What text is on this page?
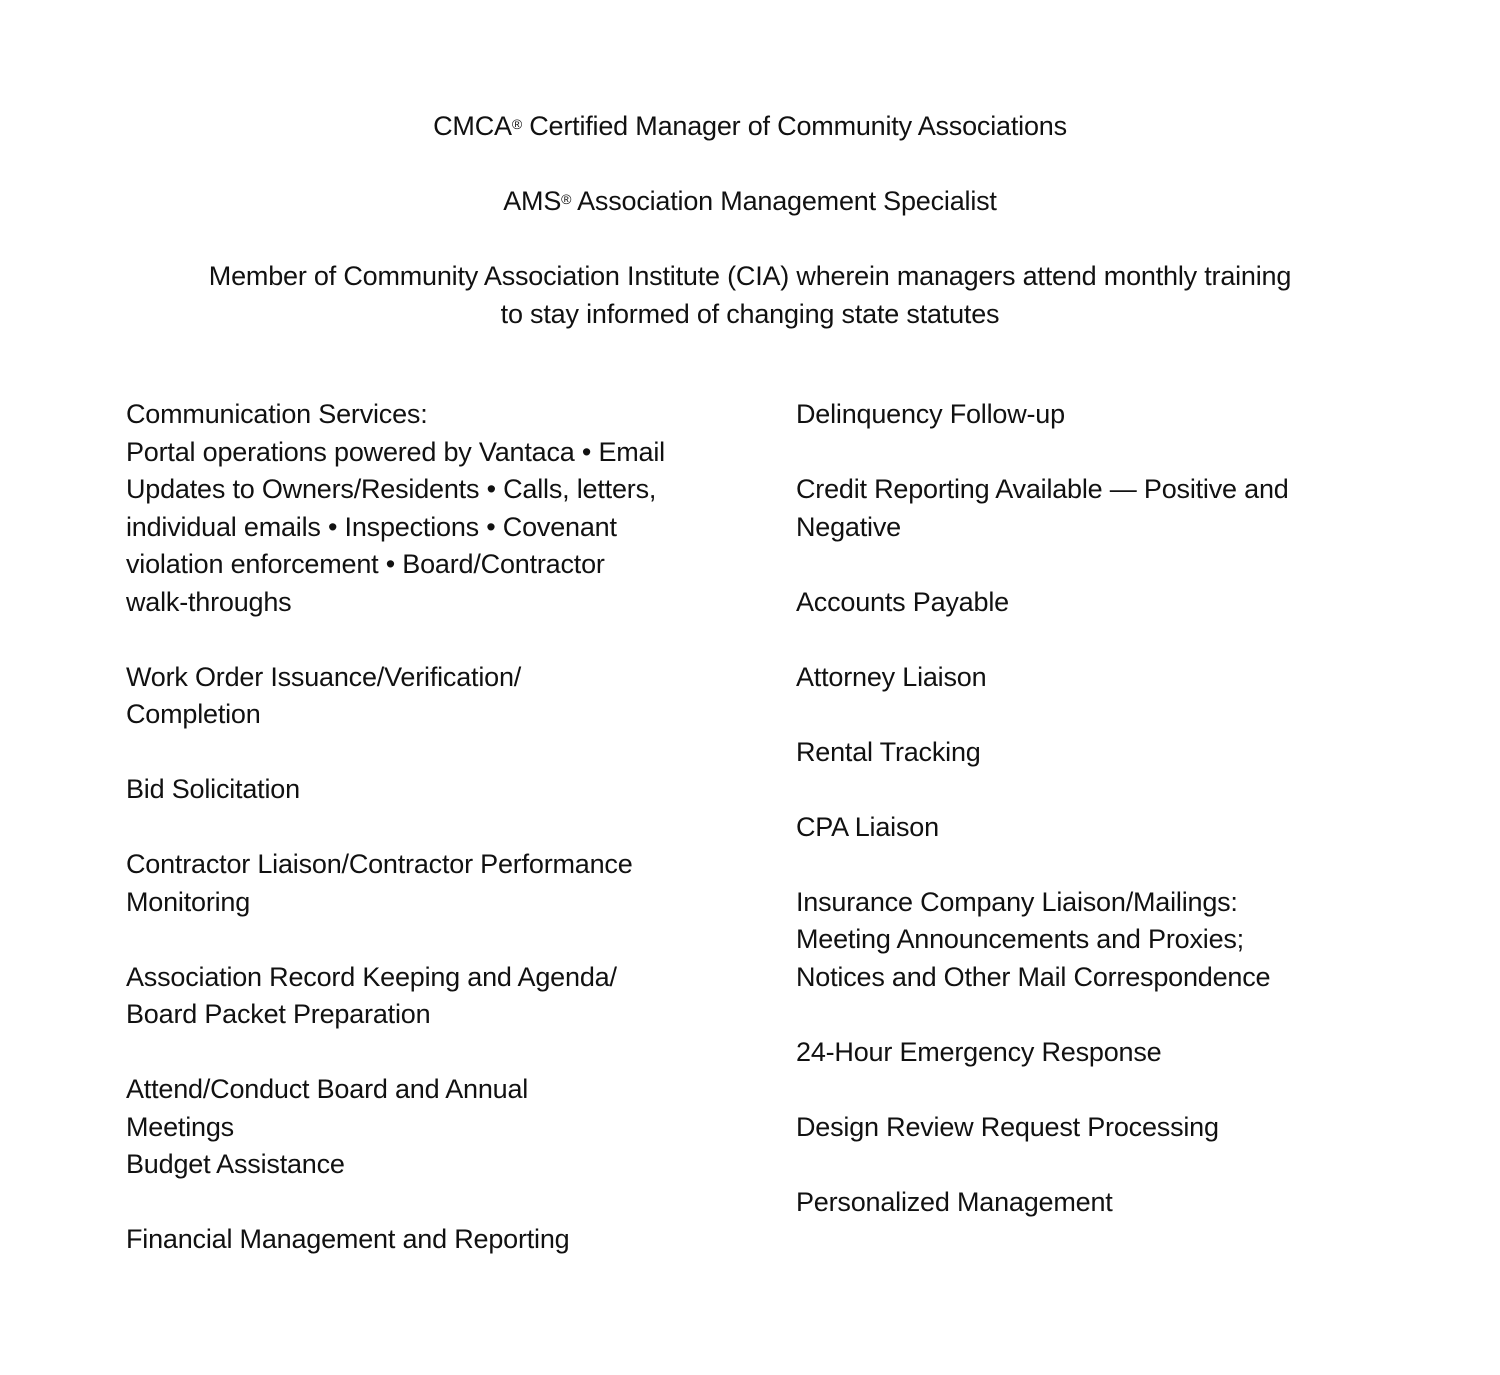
CMCA® Certified Manager of Community Associations
AMS® Association Management Specialist
Member of Community Association Institute (CIA) wherein managers attend monthly training
to stay informed of changing state statutes
Communication Services:
Portal operations powered by Vantaca • Email
Updates to Owners/Residents • Calls, letters,
individual emails • Inspections • Covenant
violation enforcement • Board/Contractor
walk-throughs
Work Order Issuance/Verification/
Completion
Bid Solicitation
Contractor Liaison/Contractor Performance
Monitoring
Association Record Keeping and Agenda/
Board Packet Preparation
Attend/Conduct Board and Annual
Meetings
Budget Assistance
Financial Management and Reporting
Delinquency Follow-up
Credit Reporting Available — Positive and
Negative
Accounts Payable
Attorney Liaison
Rental Tracking
CPA Liaison
Insurance Company Liaison/Mailings:
Meeting Announcements and Proxies;
Notices and Other Mail Correspondence
24-Hour Emergency Response
Design Review Request Processing
Personalized Management
